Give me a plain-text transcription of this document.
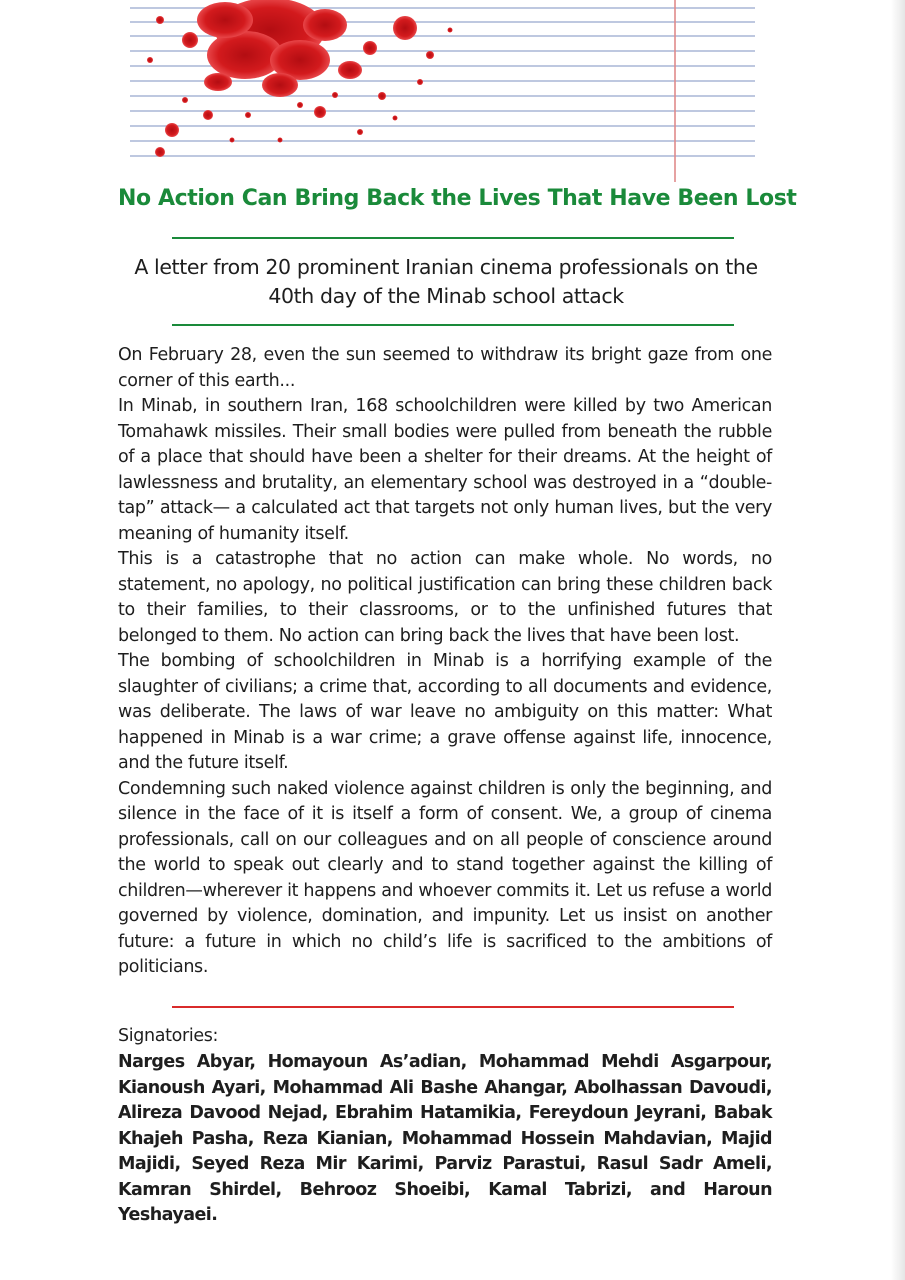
No Action Can Bring Back the Lives That Have Been Lost
A letter from 20 prominent Iranian cinema professionals on the 40th day of the Minab school attack

On February 28, even the sun seemed to withdraw its bright gaze from one corner of this earth...

In Minab, in southern Iran, 168 schoolchildren were killed by two American Tomahawk missiles. Their small bodies were pulled from beneath the rubble of a place that should have been a shelter for their dreams. At the height of lawlessness and brutality, an elementary school was destroyed in a “double-tap” attack— a calculated act that targets not only human lives, but the very meaning of humanity itself.

This is a catastrophe that no action can make whole. No words, no statement, no apology, no political justification can bring these children back to their families, to their classrooms, or to the unfinished futures that belonged to them. No action can bring back the lives that have been lost.

The bombing of schoolchildren in Minab is a horrifying example of the slaughter of civilians; a crime that, according to all documents and evidence, was deliberate. The laws of war leave no ambiguity on this matter: What happened in Minab is a war crime; a grave offense against life, innocence, and the future itself.

Condemning such naked violence against children is only the beginning, and silence in the face of it is itself a form of consent. We, a group of cinema professionals, call on our colleagues and on all people of conscience around the world to speak out clearly and to stand together against the killing of children—wherever it happens and whoever commits it. Let us refuse a world governed by violence, domination, and impunity. Let us insist on another future: a future in which no child’s life is sacrificed to the ambitions of politicians.

Signatories:
Narges Abyar, Homayoun As’adian, Mohammad Mehdi Asgarpour, Kianoush Ayari, Mohammad Ali Bashe Ahangar, Abolhassan Davoudi, Alireza Davood Nejad, Ebrahim Hatamikia, Fereydoun Jeyrani, Babak Khajeh Pasha, Reza Kianian, Mohammad Hossein Mahdavian, Majid Majidi, Seyed Reza Mir Karimi, Parviz Parastui, Rasul Sadr Ameli, Kamran Shirdel, Behrooz Shoeibi, Kamal Tabrizi, and Haroun Yeshayaei.
